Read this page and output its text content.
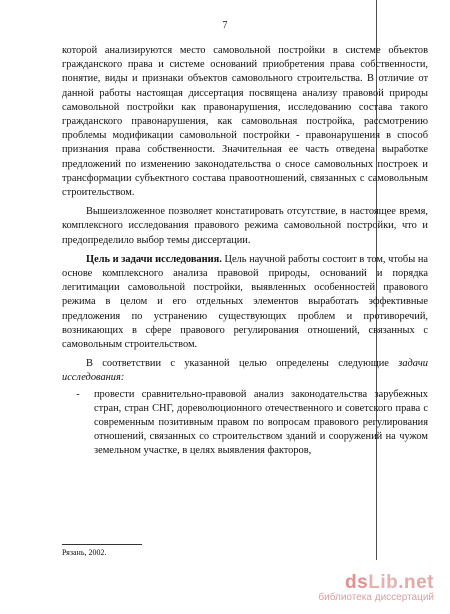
7

которой анализируются место самовольной постройки в системе объектов гражданского права и системе оснований приобретения права собственности, понятие, виды и признаки объектов самовольного строительства. В отличие от данной работы настоящая диссертация посвящена анализу правовой природы самовольной постройки как правонарушения, исследованию состава такого гражданского правонарушения, как самовольная постройка, рассмотрению проблемы модификации самовольной постройки - правонарушения в способ признания права собственности. Значительная ее часть отведена выработке предложений по изменению законодательства о сносе самовольных построек и трансформации субъектного состава правоотношений, связанных с самовольным строительством.

Вышеизложенное позволяет констатировать отсутствие, в настоящее время, комплексного исследования правового режима самовольной постройки, что и предопределило выбор темы диссертации.

Цель и задачи исследования. Цель научной работы состоит в том, чтобы на основе комплексного анализа правовой природы, оснований и порядка легитимации самовольной постройки, выявленных особенностей правового режима в целом и его отдельных элементов выработать эффективные предложения по устранению существующих проблем и противоречий, возникающих в сфере правового регулирования отношений, связанных с самовольным строительством.

В соответствии с указанной целью определены следующие задачи исследования:

-	провести сравнительно-правовой анализ законодательства зарубежных стран, стран СНГ, дореволюционного отечественного и советского права с современным позитивным правом по вопросам правового регулирования отношений, связанных со строительством зданий и сооружений на чужом земельном участке, в целях выявления факторов,
Рязань, 2002.
dsLib.net
библиотека диссертаций
